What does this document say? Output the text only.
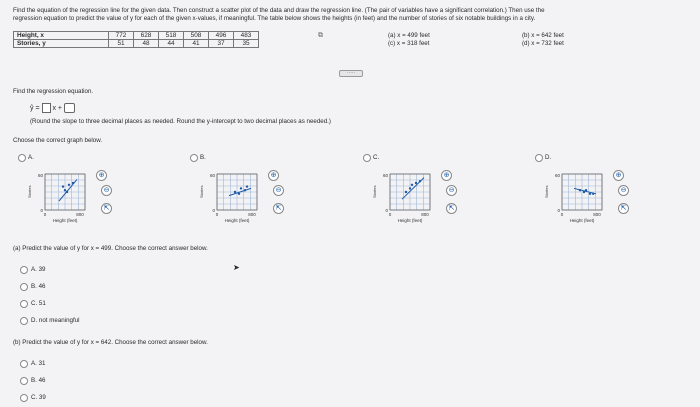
Find the equation of the regression line for the given data. Then construct a scatter plot of the data and draw the regression line. (The pair of variables have a significant correlation.) Then use the
regression equation to predict the value of y for each of the given x-values, if meaningful. The table below shows the heights (in feet) and the number of stories of six notable buildings in a city.
Height, x	772	628	518	508	496	483
Stories, y	51	48	44	41	37	35
⧉	(a) x = 499 feet
(c) x = 318 feet
(b) x = 642 feet
(d) x = 732 feet
·····
Find the regression equation.
ŷ = x +
(Round the slope to three decimal places as needed. Round the y-intercept to two decimal places as needed.)
Choose the correct graph below.
A.
60
0
0	800
Height (feet)
Stories
⊕
⊖
⇱
B.
60
0
0	800
Height (feet)
Stories
⊕
⊖
⇱
C.
60
0
0	800
Height (feet)
Stories
⊕
⊖
⇱
D.
60
0
0	800
Height (feet)
Stories
⊕
⊖
⇱
(a) Predict the value of y for x = 499. Choose the correct answer below.
➤
A. 39
B. 46
C. 51
D. not meaningful
(b) Predict the value of y for x = 642. Choose the correct answer below.
A. 31
B. 46
C. 39
